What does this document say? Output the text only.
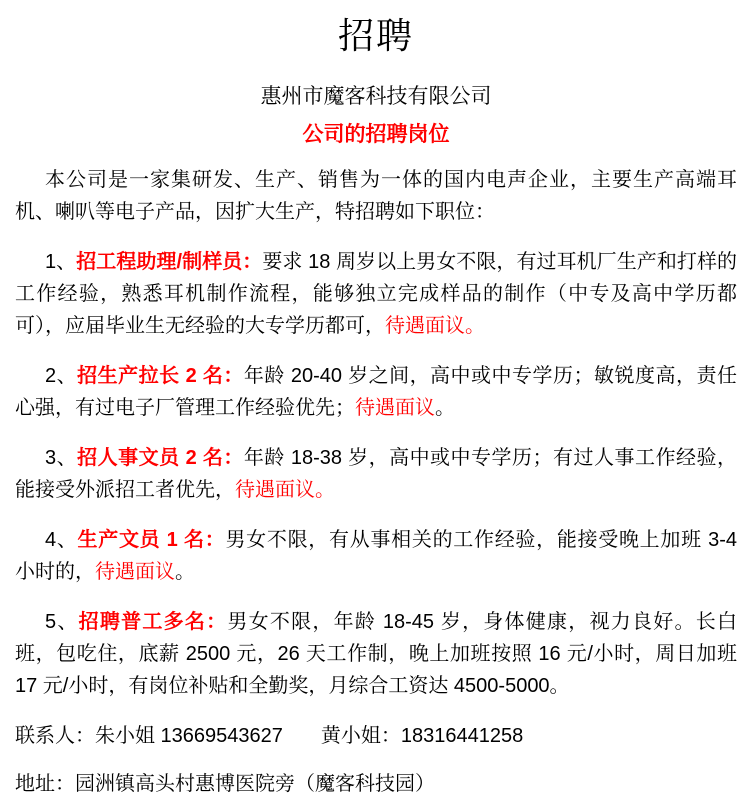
招聘
惠州市魔客科技有限公司
公司的招聘岗位

本公司是一家集研发、生产、销售为一体的国内电声企业，主要生产高端耳机、喇叭等电子产品，因扩大生产，特招聘如下职位：

1、招工程助理/制样员：要求 18 周岁以上男女不限，有过耳机厂生产和打样的工作经验，熟悉耳机制作流程，能够独立完成样品的制作（中专及高中学历都可），应届毕业生无经验的大专学历都可，待遇面议。

2、招生产拉长 2 名：年龄 20-40 岁之间，高中或中专学历；敏锐度高，责任心强，有过电子厂管理工作经验优先；待遇面议。

3、招人事文员 2 名：年龄 18-38 岁，高中或中专学历；有过人事工作经验，能接受外派招工者优先，待遇面议。

4、生产文员 1 名：男女不限，有从事相关的工作经验，能接受晚上加班 3-4 小时的，待遇面议。

5、招聘普工多名：男女不限，年龄 18-45 岁，身体健康，视力良好。长白班，包吃住，底薪 2500 元，26 天工作制，晚上加班按照 16 元/小时，周日加班 17 元/小时，有岗位补贴和全勤奖，月综合工资达 4500-5000。

联系人：朱小姐 13669543627 黄小姐：18316441258

地址：园洲镇高头村惠博医院旁（魔客科技园）
